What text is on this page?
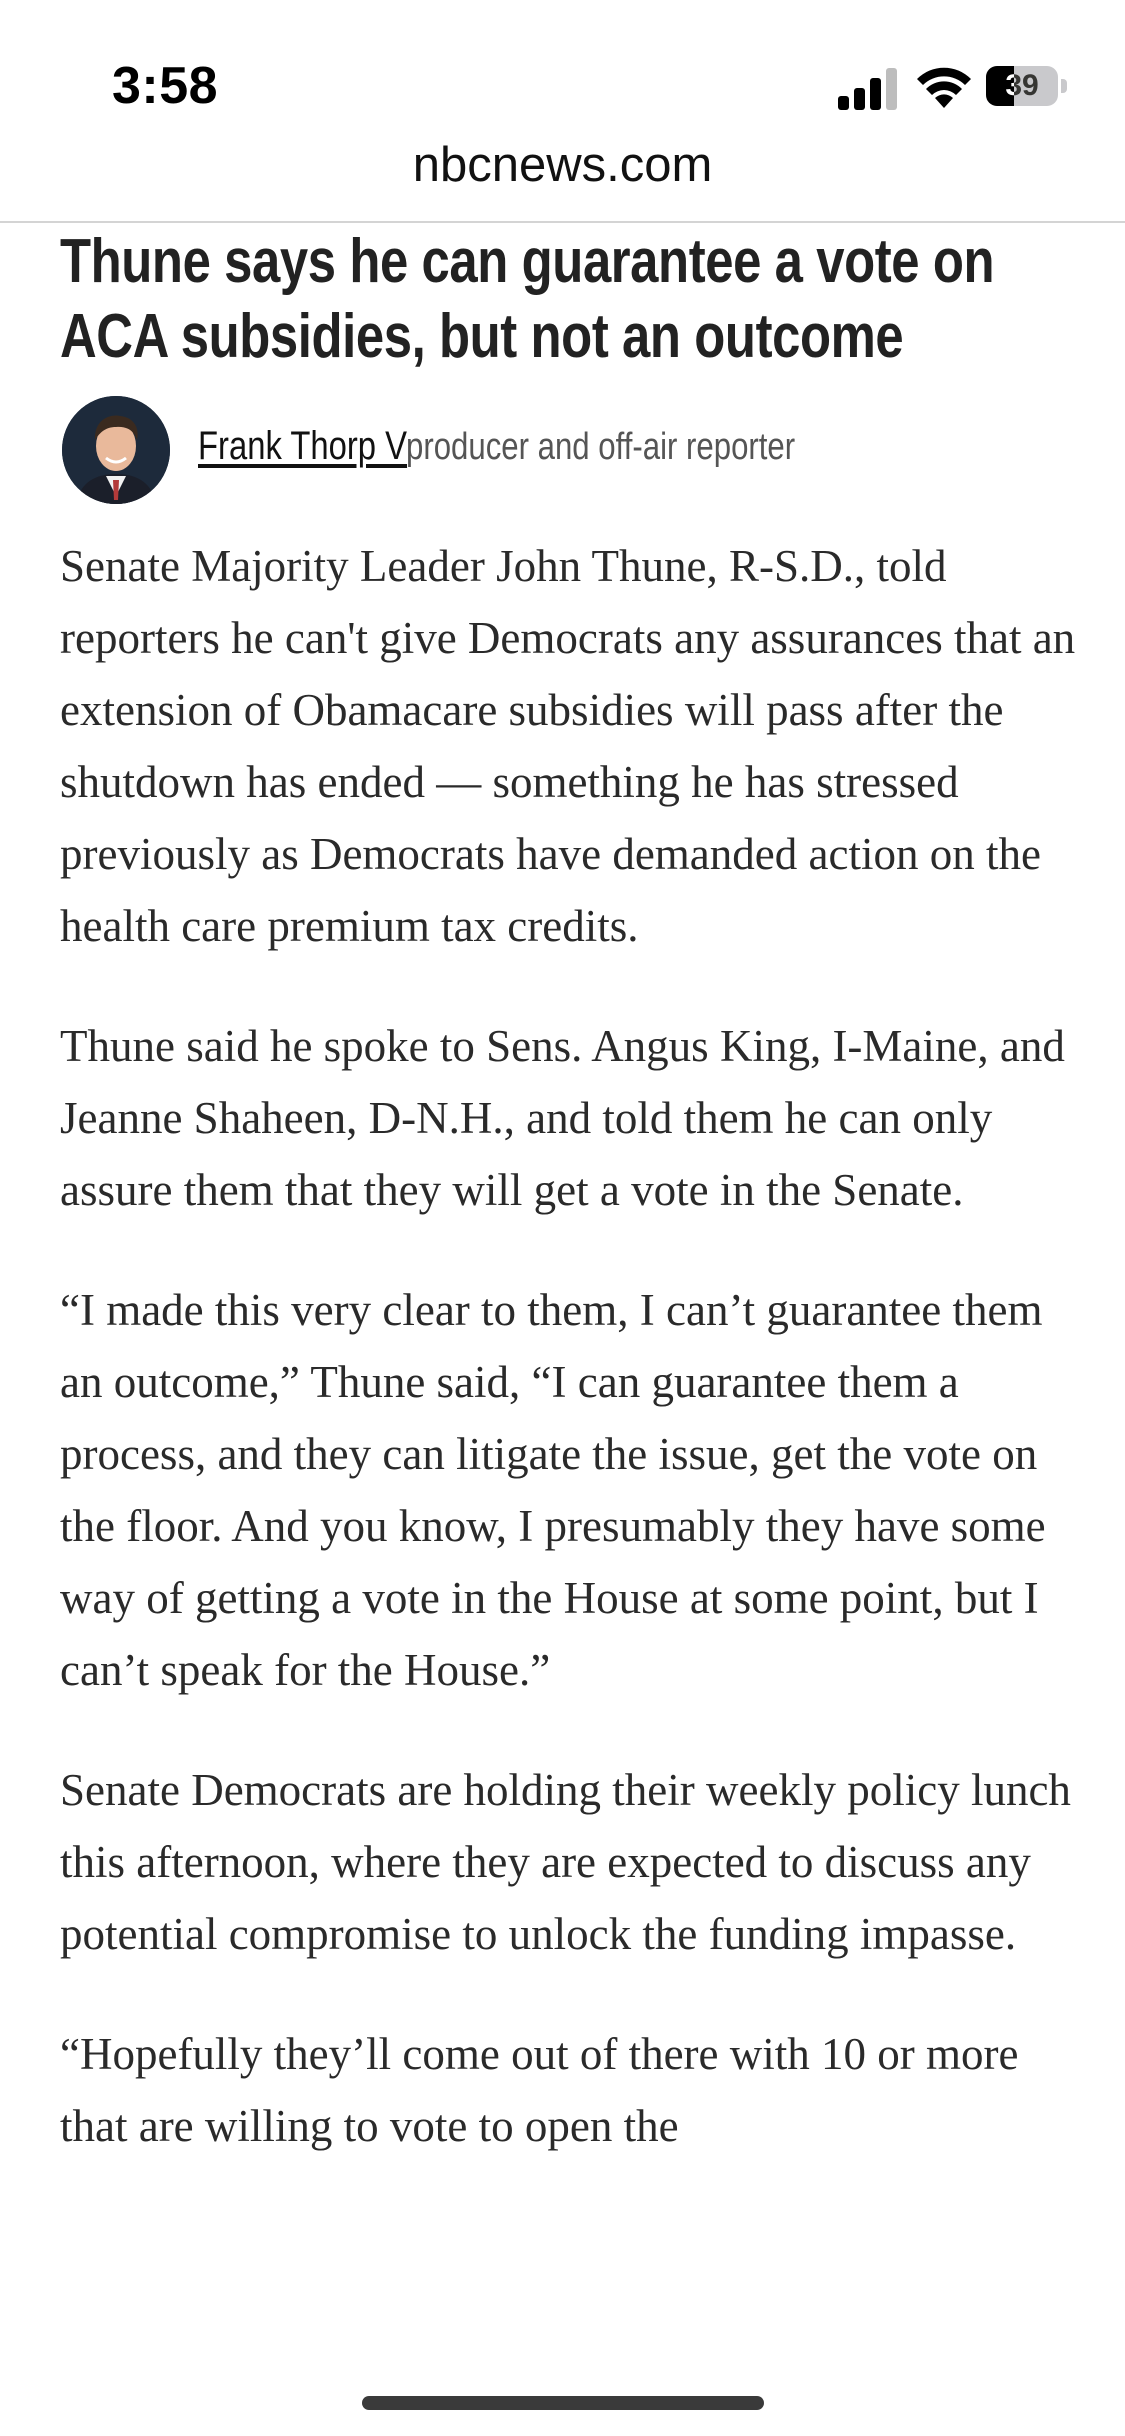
3:58	39
nbcnews.com
Thune says he can guarantee a vote on ACA subsidies, but not an outcome
Frank Thorp V
producer and off-air reporter

Senate Majority Leader John Thune, R-S.D., told reporters he can't give Democrats any assurances that an extension of Obamacare subsidies will pass after the shutdown has ended — something he has stressed previously as Democrats have demanded action on the health care premium tax credits.

Thune said he spoke to Sens. Angus King, I-Maine, and Jeanne Shaheen, D-N.H., and told them he can only assure them that they will get a vote in the Senate.

“I made this very clear to them, I can’t guarantee them an outcome,” Thune said, “I can guarantee them a process, and they can litigate the issue, get the vote on the floor. And you know, I presumably they have some way of getting a vote in the House at some point, but I can’t speak for the House.”

Senate Democrats are holding their weekly policy lunch this afternoon, where they are expected to discuss any potential compromise to unlock the funding impasse.

“Hopefully they’ll come out of there with 10 or more that are willing to vote to open the
